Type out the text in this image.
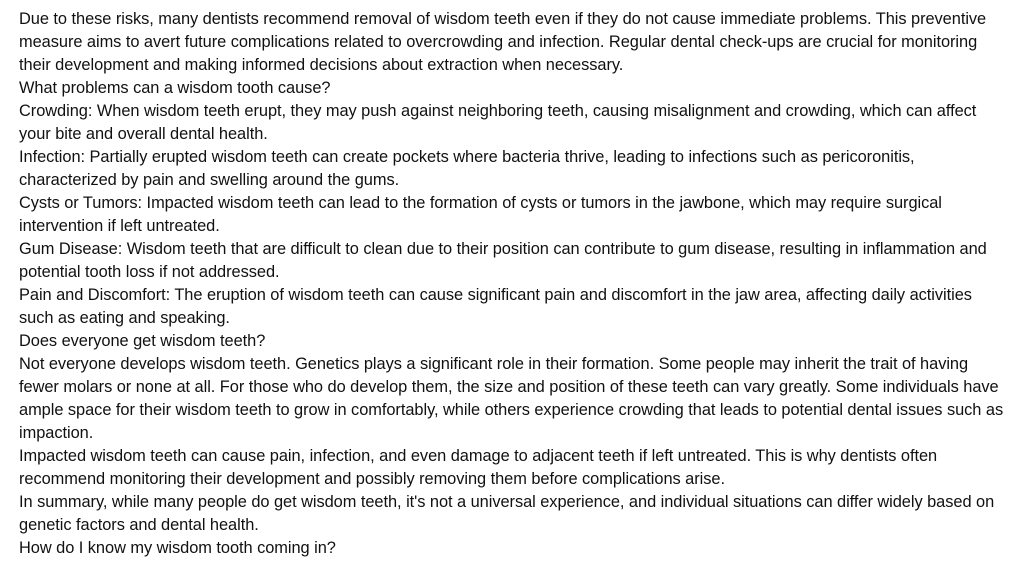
Due to these risks, many dentists recommend removal of wisdom teeth even if they do not cause immediate problems. This preventive measure aims to avert future complications related to overcrowding and infection. Regular dental check-ups are crucial for monitoring their development and making informed decisions about extraction when necessary.

What problems can a wisdom tooth cause?

Crowding: When wisdom teeth erupt, they may push against neighboring teeth, causing misalignment and crowding, which can affect your bite and overall dental health.

Infection: Partially erupted wisdom teeth can create pockets where bacteria thrive, leading to infections such as pericoronitis, characterized by pain and swelling around the gums.

Cysts or Tumors: Impacted wisdom teeth can lead to the formation of cysts or tumors in the jawbone, which may require surgical intervention if left untreated.

Gum Disease: Wisdom teeth that are difficult to clean due to their position can contribute to gum disease, resulting in inflammation and potential tooth loss if not addressed.

Pain and Discomfort: The eruption of wisdom teeth can cause significant pain and discomfort in the jaw area, affecting daily activities such as eating and speaking.

Does everyone get wisdom teeth?

Not everyone develops wisdom teeth. Genetics plays a significant role in their formation. Some people may inherit the trait of having fewer molars or none at all. For those who do develop them, the size and position of these teeth can vary greatly. Some individuals have ample space for their wisdom teeth to grow in comfortably, while others experience crowding that leads to potential dental issues such as impaction.

Impacted wisdom teeth can cause pain, infection, and even damage to adjacent teeth if left untreated. This is why dentists often recommend monitoring their development and possibly removing them before complications arise.

In summary, while many people do get wisdom teeth, it's not a universal experience, and individual situations can differ widely based on genetic factors and dental health.

How do I know my wisdom tooth coming in?
